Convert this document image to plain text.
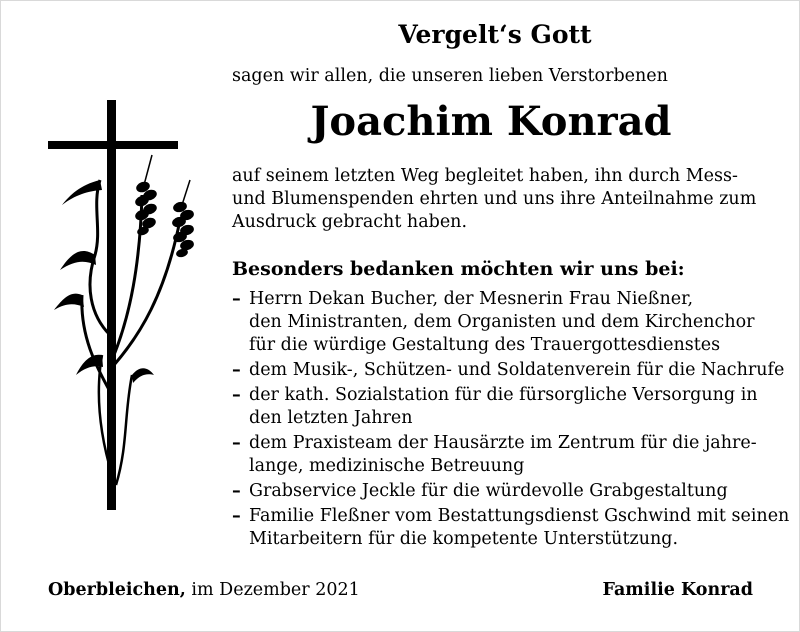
Vergelt‘s Gott
sagen wir allen, die unseren lieben Verstorbenen
Joachim Konrad
auf seinem letzten Weg begleitet haben, ihn durch Mess-
und Blumenspenden ehrten und uns ihre Anteilnahme zum
Ausdruck gebracht haben.
Besonders bedanken möchten wir uns bei:
– Herrn Dekan Bucher, der Mesnerin Frau Nießner,
den Ministranten, dem Organisten und dem Kirchenchor
für die würdige Gestaltung des Trauergottesdienstes
– dem Musik-, Schützen- und Soldatenverein für die Nachrufe
– der kath. Sozialstation für die fürsorgliche Versorgung in
den letzten Jahren
– dem Praxisteam der Hausärzte im Zentrum für die jahre-
lange, medizinische Betreuung
– Grabservice Jeckle für die würdevolle Grabgestaltung
– Familie Fleßner vom Bestattungsdienst Gschwind mit seinen
Mitarbeitern für die kompetente Unterstützung.
Oberbleichen, im Dezember 2021	Familie Konrad
